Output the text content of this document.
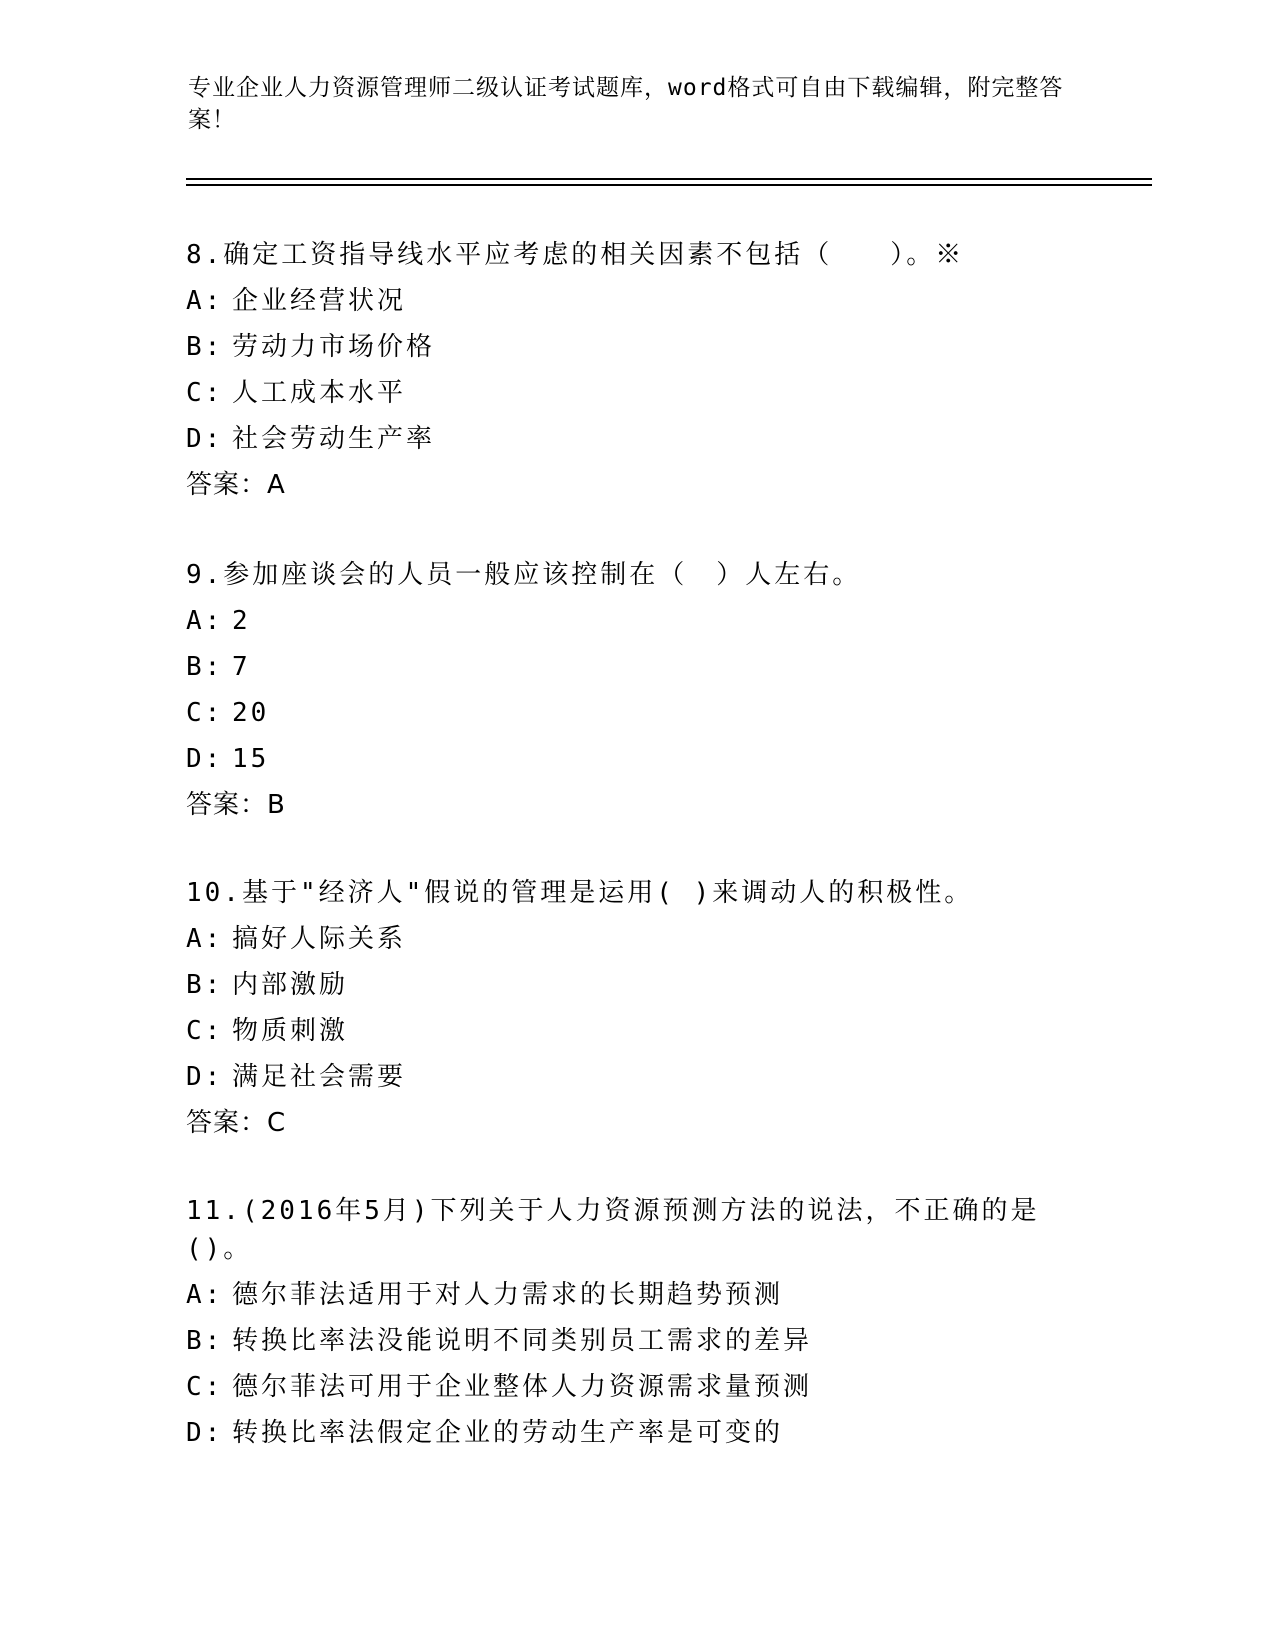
专业企业人力资源管理师二级认证考试题库，word格式可自由下载编辑，附完整答案！
8.确定工资指导线水平应考虑的相关因素不包括（　　）。※
A: 企业经营状况
B: 劳动力市场价格
C: 人工成本水平
D: 社会劳动生产率
答案：A
9.参加座谈会的人员一般应该控制在（　）人左右。
A: 2
B: 7
C: 20
D: 15
答案：B
10.基于"经济人"假说的管理是运用( )来调动人的积极性。
A: 搞好人际关系
B: 内部激励
C: 物质刺激
D: 满足社会需要
答案：C
11.(2016年5月)下列关于人力资源预测方法的说法，不正确的是()。
A: 德尔菲法适用于对人力需求的长期趋势预测
B: 转换比率法没能说明不同类别员工需求的差异
C: 德尔菲法可用于企业整体人力资源需求量预测
D: 转换比率法假定企业的劳动生产率是可变的
